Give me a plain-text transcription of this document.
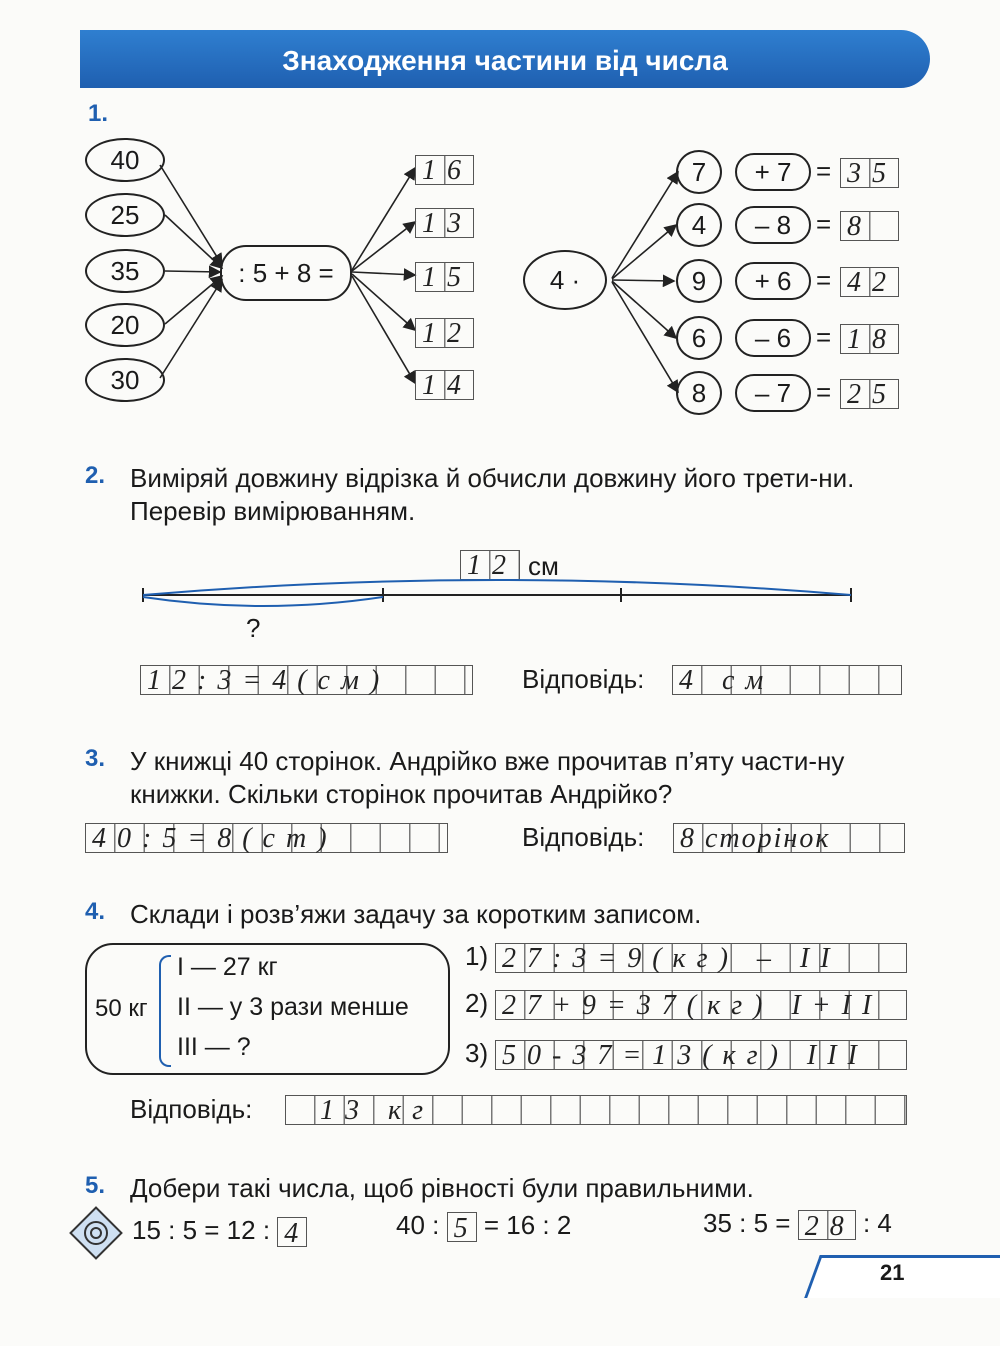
Знаходження частини від числа
1.
40	16
25	13
35	15
20	12
30	14
: 5 + 8 =	4 ·
7	+ 7 = 35
4	– 8 = 8
9	+ 6 = 42
6	– 6 = 18
8	– 7 = 25
2. Виміряй довжину відрізка й обчисли довжину його трети-ни. Перевір вимірюванням.
12 см
?
12:3=4(см)	Відповідь: 4 см
3. У книжці 40 сторінок. Андрійко вже прочитав п’яту части-ну книжки. Скільки сторінок прочитав Андрійко?
40:5=8(ст)	Відповідь: 8 сторінок
4. Склади і розв’яжи задачу за коротким записом.
50 кг
I — 27 кг
II — у 3 рази менше
III — ?
1) 27:3=9(кг) – II
2) 27+9=37(кг) I+II
3) 50-37=13(кг) III
Відповідь:	13 кг
5. Добери такі числа, щоб рівності були правильними.
15 : 5 = 12 : 4	40 : 5 = 16 : 2	35 : 5 = 28 : 4
21
